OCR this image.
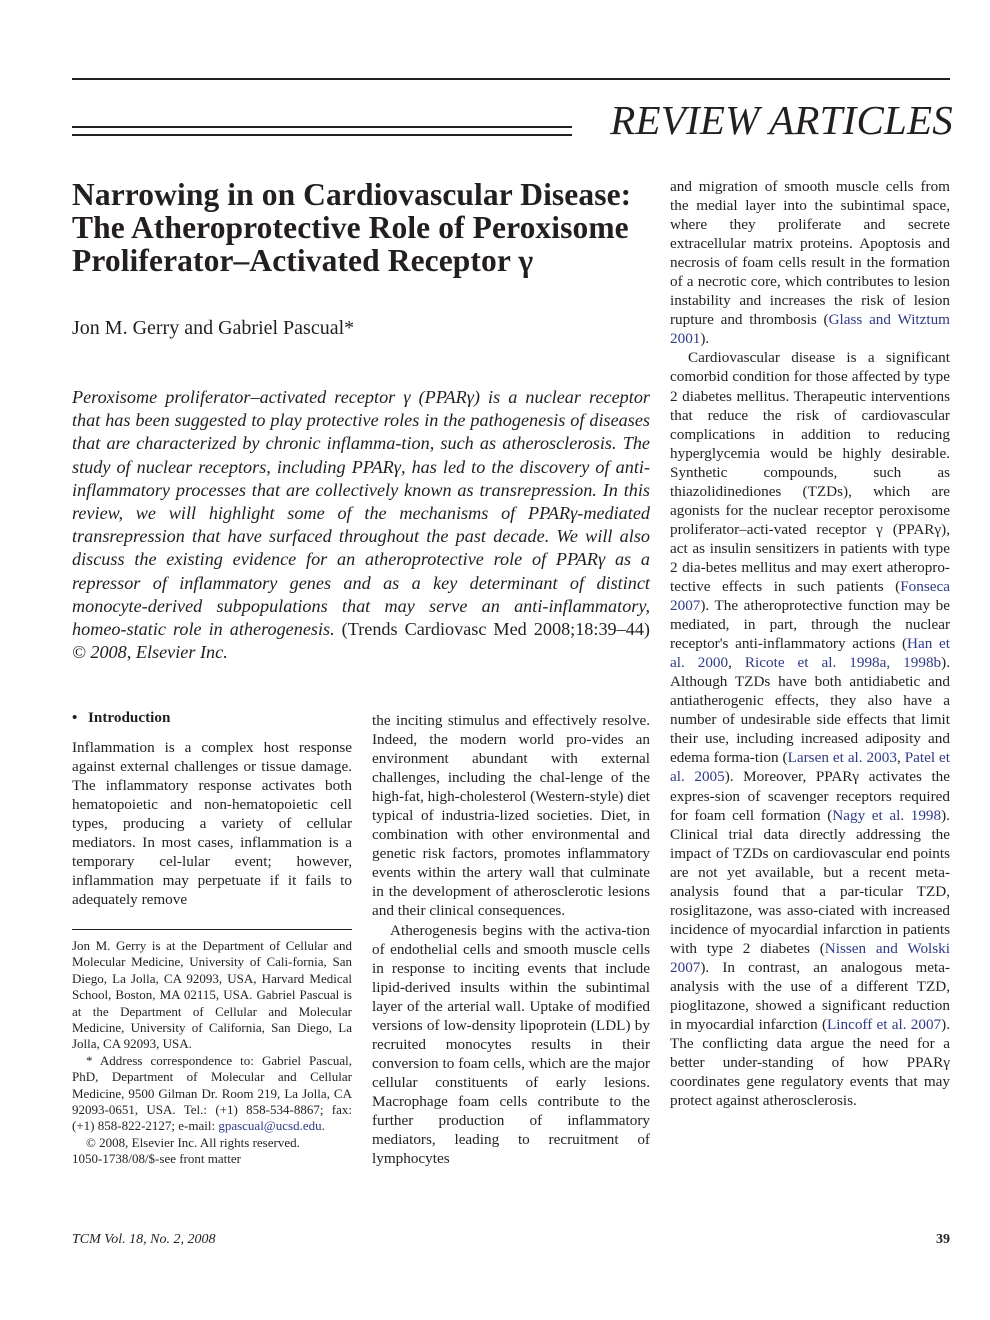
REVIEW ARTICLES
Narrowing in on Cardiovascular Disease: The Atheroprotective Role of Peroxisome Proliferator–Activated Receptor γ
Jon M. Gerry and Gabriel Pascual*
Peroxisome proliferator–activated receptor γ (PPARγ) is a nuclear receptor that has been suggested to play protective roles in the pathogenesis of diseases that are characterized by chronic inflamma-tion, such as atherosclerosis. The study of nuclear receptors, including PPARγ, has led to the discovery of anti-inflammatory processes that are collectively known as transrepression. In this review, we will highlight some of the mechanisms of PPARγ-mediated transrepression that have surfaced throughout the past decade. We will also discuss the existing evidence for an atheroprotective role of PPARγ as a repressor of inflammatory genes and as a key determinant of distinct monocyte-derived subpopulations that may serve an anti-inflammatory, homeo-static role in atherogenesis. (Trends Cardiovasc Med 2008;18:39–44) © 2008, Elsevier Inc.
• Introduction

Inflammation is a complex host response against external challenges or tissue damage. The inflammatory response activates both hematopoietic and non-hematopoietic cell types, producing a variety of cellular mediators. In most cases, inflammation is a temporary cel-lular event; however, inflammation may perpetuate if it fails to adequately remove

Jon M. Gerry is at the Department of Cellular and Molecular Medicine, University of Cali-fornia, San Diego, La Jolla, CA 92093, USA, Harvard Medical School, Boston, MA 02115, USA. Gabriel Pascual is at the Department of Cellular and Molecular Medicine, University of California, San Diego, La Jolla, CA 92093, USA.

* Address correspondence to: Gabriel Pascual, PhD, Department of Molecular and Cellular Medicine, 9500 Gilman Dr. Room 219, La Jolla, CA 92093-0651, USA. Tel.: (+1) 858-534-8867; fax: (+1) 858-822-2127; e-mail: gpascual@ucsd.edu.

© 2008, Elsevier Inc. All rights reserved.

1050-1738/08/$-see front matter

the inciting stimulus and effectively resolve. Indeed, the modern world pro-vides an environment abundant with external challenges, including the chal-lenge of the high-fat, high-cholesterol (Western-style) diet typical of industria-lized societies. Diet, in combination with other environmental and genetic risk factors, promotes inflammatory events within the artery wall that culminate in the development of atherosclerotic lesions and their clinical consequences.

Atherogenesis begins with the activa-tion of endothelial cells and smooth muscle cells in response to inciting events that include lipid-derived insults within the subintimal layer of the arterial wall. Uptake of modified versions of low-density lipoprotein (LDL) by recruited monocytes results in their conversion to foam cells, which are the major cellular constituents of early lesions. Macrophage foam cells contribute to the further production of inflammatory mediators, leading to recruitment of lymphocytes

and migration of smooth muscle cells from the medial layer into the subintimal space, where they proliferate and secrete extracellular matrix proteins. Apoptosis and necrosis of foam cells result in the formation of a necrotic core, which contributes to lesion instability and increases the risk of lesion rupture and thrombosis (Glass and Witztum 2001).

Cardiovascular disease is a significant comorbid condition for those affected by type 2 diabetes mellitus. Therapeutic interventions that reduce the risk of cardiovascular complications in addition to reducing hyperglycemia would be highly desirable. Synthetic compounds, such as thiazolidinediones (TZDs), which are agonists for the nuclear receptor peroxisome proliferator–acti-vated receptor γ (PPARγ), act as insulin sensitizers in patients with type 2 dia-betes mellitus and may exert atheropro-tective effects in such patients (Fonseca 2007). The atheroprotective function may be mediated, in part, through the nuclear receptor's anti-inflammatory actions (Han et al. 2000, Ricote et al. 1998a, 1998b). Although TZDs have both antidiabetic and antiatherogenic effects, they also have a number of undesirable side effects that limit their use, including increased adiposity and edema forma-tion (Larsen et al. 2003, Patel et al. 2005). Moreover, PPARγ activates the expres-sion of scavenger receptors required for foam cell formation (Nagy et al. 1998). Clinical trial data directly addressing the impact of TZDs on cardiovascular end points are not yet available, but a recent meta-analysis found that a par-ticular TZD, rosiglitazone, was asso-ciated with increased incidence of myocardial infarction in patients with type 2 diabetes (Nissen and Wolski 2007). In contrast, an analogous meta-analysis with the use of a different TZD, pioglitazone, showed a significant reduction in myocardial infarction (Lincoff et al. 2007). The conflicting data argue the need for a better under-standing of how PPARγ coordinates gene regulatory events that may protect against atherosclerosis.

TCM Vol. 18, No. 2, 2008	39
